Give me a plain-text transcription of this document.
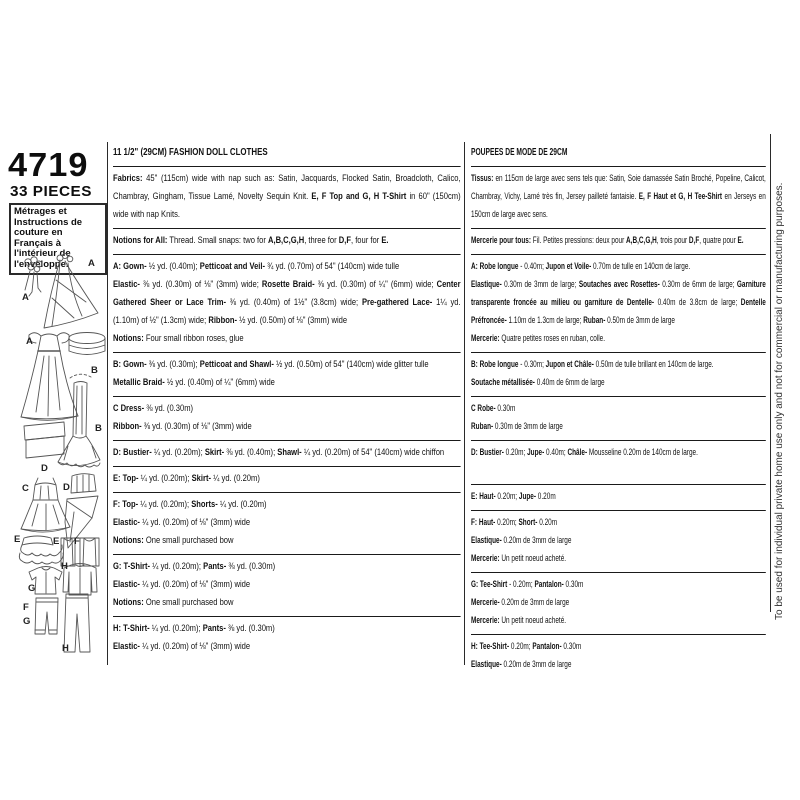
4719
33 PIECES
Métrages et Instructions de couture en Français à l'intérieur de l'enveloppe.
11 1/2" (29CM) FASHION DOLL CLOTHES
Fabrics: 45" (115cm) wide with nap such as: Satin, Jacquards, Flocked Satin, Broadcloth, Calico, Chambray, Gingham, Tissue Lamé, Novelty Sequin Knit. E, F Top and G, H T-Shirt in 60" (150cm) wide with nap Knits.
Notions for All: Thread. Small snaps: two for A,B,C,G,H, three for D,F, four for E.
A: Gown- ½ yd. (0.40m); Petticoat and Veil- ¾ yd. (0.70m) of 54" (140cm) wide tulle
Elastic- ⅜ yd. (0.30m) of ⅛" (3mm) wide; Rosette Braid- ⅜ yd. (0.30m) of ¼" (6mm) wide; Center Gathered Sheer or Lace Trim- ⅜ yd. (0.40m) of 1½" (3.8cm) wide; Pre-gathered Lace- 1¼ yd. (1.10m) of ½" (1.3cm) wide; Ribbon- ½ yd. (0.50m) of ⅛" (3mm) wide
Notions: Four small ribbon roses, glue
B: Gown- ⅜ yd. (0.30m); Petticoat and Shawl- ½ yd. (0.50m) of 54" (140cm) wide glitter tulle
Metallic Braid- ½ yd. (0.40m) of ¼" (6mm) wide
C Dress- ⅜ yd. (0.30m)
Ribbon- ⅜ yd. (0.30m) of ⅛" (3mm) wide
D: Bustier- ¼ yd. (0.20m); Skirt- ⅜ yd. (0.40m); Shawl- ¼ yd. (0.20m) of 54" (140cm) wide chiffon
E: Top- ¼ yd. (0.20m); Skirt- ¼ yd. (0.20m)
F: Top- ¼ yd. (0.20m); Shorts- ¼ yd. (0.20m)
Elastic- ¼ yd. (0.20m) of ⅛" (3mm) wide
Notions: One small purchased bow
G: T-Shirt- ¼ yd. (0.20m); Pants- ⅜ yd. (0.30m)
Elastic- ¼ yd. (0.20m) of ⅛" (3mm) wide
Notions: One small purchased bow
H: T-Shirt- ¼ yd. (0.20m); Pants- ⅜ yd. (0.30m)
Elastic- ¼ yd. (0.20m) of ⅛" (3mm) wide
POUPEES DE MODE DE 29CM
Tissus: en 115cm de large avec sens tels que: Satin, Soie damassée Satin Broché, Popeline, Calicot, Chambray, Vichy, Lamé très fin, Jersey pailleté fantaisie. E, F Haut et G, H Tee-Shirt en Jerseys en 150cm de large avec sens.
Mercerie pour tous: Fil. Petites pressions: deux pour A,B,C,G,H, trois pour D,F, quatre pour E.
A: Robe longue - 0.40m; Jupon et Voile- 0.70m de tulle en 140cm de large.
Elastique- 0.30m de 3mm de large; Soutaches avec Rosettes- 0.30m de 6mm de large; Garniture transparente froncée au milieu ou garniture de Dentelle- 0.40m de 3.8cm de large; Dentelle Préfroncée- 1.10m de 1.3cm de large; Ruban- 0.50m de 3mm de large
Mercerie: Quatre petites roses en ruban, colle.
B: Robe longue - 0.30m; Jupon et Châle- 0.50m de tulle brillant en 140cm de large.
Soutache métallisée- 0.40m de 6mm de large
C Robe- 0.30m
Ruban- 0.30m de 3mm de large
D: Bustier- 0.20m; Jupe- 0.40m; Châle- Mousseline 0.20m de 140cm de large.
E: Haut- 0.20m; Jupe- 0.20m
F: Haut- 0.20m; Short- 0.20m
Elastique- 0.20m de 3mm de large
Mercerie: Un petit noeud acheté.
G: Tee-Shirt - 0.20m; Pantalon- 0.30m
Mercerie- 0.20m de 3mm de large
Mercerie: Un petit noeud acheté.
H: Tee-Shirt- 0.20m; Pantalon- 0.30m
Elastique- 0.20m de 3mm de large
To be used for individual private home use only and not for commercial or manufacturing purposes.
A
A
A
B
B
D
C	D
E	E F
G
H
F
G
H
